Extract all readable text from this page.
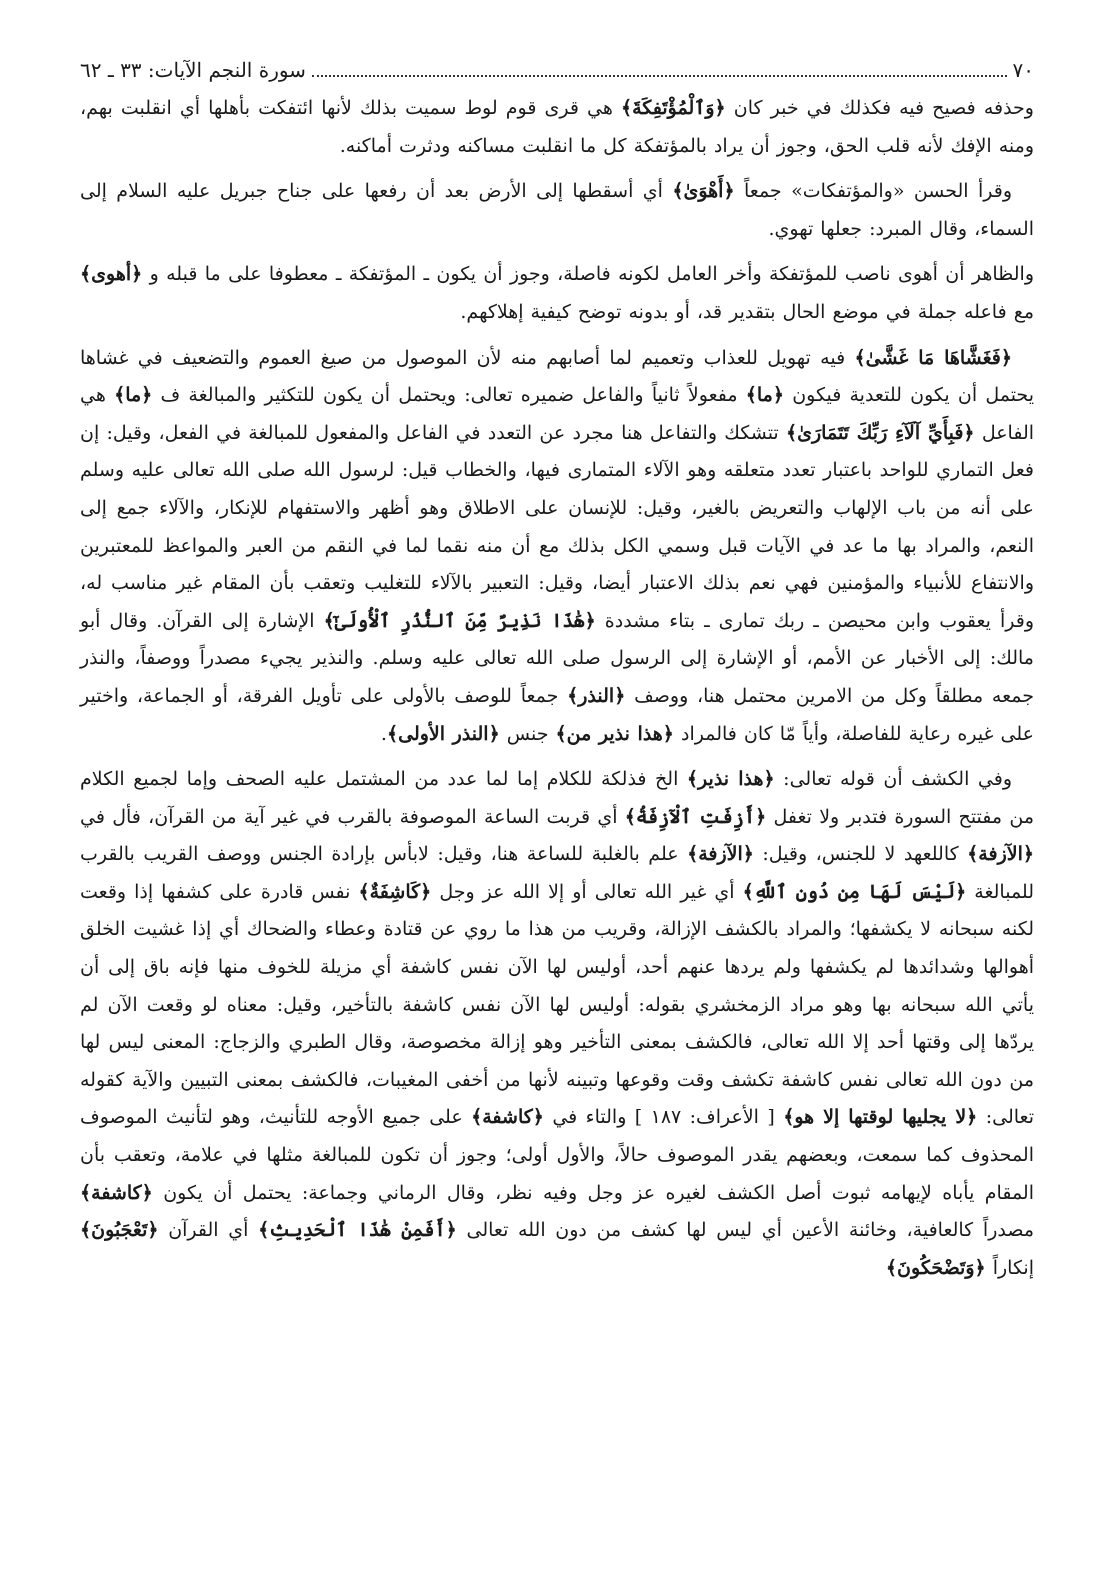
٧٠
سورة النجم الآيات: ٣٣ ـ ٦٢

وحذفه فصيح فيه فكذلك في خبر كان ﴿وَٱلْمُؤْتَفِكَةَ﴾ هي قرى قوم لوط سميت بذلك لأنها ائتفكت بأهلها أي انقلبت بهم، ومنه الإفك لأنه قلب الحق، وجوز أن يراد بالمؤتفكة كل ما انقلبت مساكنه ودثرت أماكنه.

وقرأ الحسن «والمؤتفكات» جمعاً ﴿أَهْوَىٰ﴾ أي أسقطها إلى الأرض بعد أن رفعها على جناح جبريل عليه السلام إلى السماء، وقال المبرد: جعلها تهوي.

والظاهر أن أهوى ناصب للمؤتفكة وأخر العامل لكونه فاصلة، وجوز أن يكون ـ المؤتفكة ـ معطوفا على ما قبله و ﴿أهوى﴾ مع فاعله جملة في موضع الحال بتقدير قد، أو بدونه توضح كيفية إهلاكهم.

﴿فَغَشَّاهَا مَا غَشَّىٰ﴾ فيه تهويل للعذاب وتعميم لما أصابهم منه لأن الموصول من صيغ العموم والتضعيف في غشاها يحتمل أن يكون للتعدية فيكون ﴿ما﴾ مفعولاً ثانياً والفاعل ضميره تعالى: ويحتمل أن يكون للتكثير والمبالغة ف ﴿ما﴾ هي الفاعل ﴿فَبِأَيِّ آلَآءِ رَبِّكَ تَتَمَارَىٰ﴾ تتشكك والتفاعل هنا مجرد عن التعدد في الفاعل والمفعول للمبالغة في الفعل، وقيل: إن فعل التماري للواحد باعتبار تعدد متعلقه وهو الآلاء المتمارى فيها، والخطاب قيل: لرسول الله صلى الله تعالى عليه وسلم على أنه من باب الإلهاب والتعريض بالغير، وقيل: للإنسان على الاطلاق وهو أظهر والاستفهام للإنكار، والآلاء جمع إلى النعم، والمراد بها ما عد في الآيات قبل وسمي الكل بذلك مع أن منه نقما لما في النقم من العبر والمواعظ للمعتبرين والانتفاع للأنبياء والمؤمنين فهي نعم بذلك الاعتبار أيضا، وقيل: التعبير بالآلاء للتغليب وتعقب بأن المقام غير مناسب له، وقرأ يعقوب وابن محيصن ـ ربك تمارى ـ بتاء مشددة ﴿هَٰذَا نَذِيرٌ مِّنَ ٱلنُّذُرِ ٱلْأُولَىٰٓ﴾ الإشارة إلى القرآن. وقال أبو مالك: إلى الأخبار عن الأمم، أو الإشارة إلى الرسول صلى الله تعالى عليه وسلم. والنذير يجيء مصدراً ووصفاً، والنذر جمعه مطلقاً وكل من الامرين محتمل هنا، ووصف ﴿النذر﴾ جمعاً للوصف بالأولى على تأويل الفرقة، أو الجماعة، واختير على غيره رعاية للفاصلة، وأياً مّا كان فالمراد ﴿هذا نذير من﴾ جنس ﴿النذر الأولى﴾.

وفي الكشف أن قوله تعالى: ﴿هذا نذير﴾ الخ فذلكة للكلام إما لما عدد من المشتمل عليه الصحف وإما لجميع الكلام من مفتتح السورة فتدبر ولا تغفل ﴿أَزِفَتِ ٱلْآزِفَةُ﴾ أي قربت الساعة الموصوفة بالقرب في غير آية من القرآن، فأل في ﴿الآزفة﴾ كاللعهد لا للجنس، وقيل: ﴿الآزفة﴾ علم بالغلبة للساعة هنا، وقيل: لابأس بإرادة الجنس ووصف القريب بالقرب للمبالغة ﴿لَيْسَ لَهَا مِن دُونِ ٱللَّهِ﴾ أي غير الله تعالى أو إلا الله عز وجل ﴿كَاشِفَةٌ﴾ نفس قادرة على كشفها إذا وقعت لكنه سبحانه لا يكشفها؛ والمراد بالكشف الإزالة، وقريب من هذا ما روي عن قتادة وعطاء والضحاك أي إذا غشيت الخلق أهوالها وشدائدها لم يكشفها ولم يردها عنهم أحد، أوليس لها الآن نفس كاشفة أي مزيلة للخوف منها فإنه باق إلى أن يأتي الله سبحانه بها وهو مراد الزمخشري بقوله: أوليس لها الآن نفس كاشفة بالتأخير، وقيل: معناه لو وقعت الآن لم يردّها إلى وقتها أحد إلا الله تعالى، فالكشف بمعنى التأخير وهو إزالة مخصوصة، وقال الطبري والزجاج: المعنى ليس لها من دون الله تعالى نفس كاشفة تكشف وقت وقوعها وتبينه لأنها من أخفى المغيبات، فالكشف بمعنى التبيين والآية كقوله تعالى: ﴿لا يجليها لوقتها إلا هو﴾ [ الأعراف: ١٨٧ ] والتاء في ﴿كاشفة﴾ على جميع الأوجه للتأنيث، وهو لتأنيث الموصوف المحذوف كما سمعت، وبعضهم يقدر الموصوف حالاً، والأول أولى؛ وجوز أن تكون للمبالغة مثلها في علامة، وتعقب بأن المقام يأباه لإيهامه ثبوت أصل الكشف لغيره عز وجل وفيه نظر، وقال الرماني وجماعة: يحتمل أن يكون ﴿كاشفة﴾ مصدراً كالعافية، وخائنة الأعين أي ليس لها كشف من دون الله تعالى ﴿أَفَمِنْ هَٰذَا ٱلْحَدِيثِ﴾ أي القرآن ﴿تَعْجَبُونَ﴾ إنكاراً ﴿وَتَضْحَكُونَ﴾
